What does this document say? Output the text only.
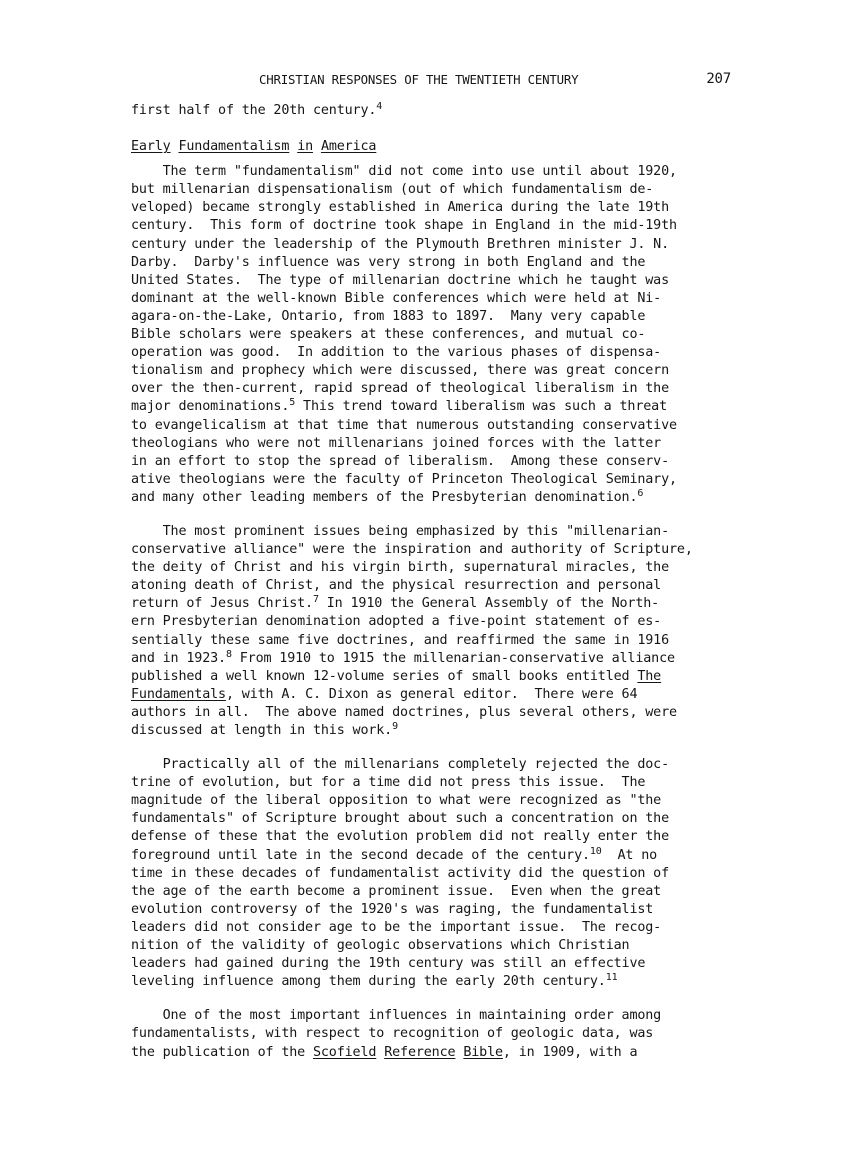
CHRISTIAN RESPONSES OF THE TWENTIETH CENTURY	207
first half of the 20th century.$^4$
Early Fundamentalism in America
The term "fundamentalism" did not come into use until about 1920,
but millenarian dispensationalism (out of which fundamentalism de-
veloped) became strongly established in America during the late 19th
century.  This form of doctrine took shape in England in the mid-19th
century under the leadership of the Plymouth Brethren minister J. N.
Darby.  Darby's influence was very strong in both England and the
United States.  The type of millenarian doctrine which he taught was
dominant at the well-known Bible conferences which were held at Ni-
agara-on-the-Lake, Ontario, from 1883 to 1897.  Many very capable
Bible scholars were speakers at these conferences, and mutual co-
operation was good.  In addition to the various phases of dispensa-
tionalism and prophecy which were discussed, there was great concern
over the then-current, rapid spread of theological liberalism in the
major denominations.$^5$ This trend toward liberalism was such a threat
to evangelicalism at that time that numerous outstanding conservative
theologians who were not millenarians joined forces with the latter
in an effort to stop the spread of liberalism.  Among these conserv-
ative theologians were the faculty of Princeton Theological Seminary,
and many other leading members of the Presbyterian denomination.$^6$
The most prominent issues being emphasized by this "millenarian-
conservative alliance" were the inspiration and authority of Scripture,
the deity of Christ and his virgin birth, supernatural miracles, the
atoning death of Christ, and the physical resurrection and personal
return of Jesus Christ.$^7$ In 1910 the General Assembly of the North-
ern Presbyterian denomination adopted a five-point statement of es-
sentially these same five doctrines, and reaffirmed the same in 1916
and in 1923.$^8$ From 1910 to 1915 the millenarian-conservative alliance
published a well known 12-volume series of small books entitled The
Fundamentals, with A. C. Dixon as general editor.  There were 64
authors in all.  The above named doctrines, plus several others, were
discussed at length in this work.$^9$
Practically all of the millenarians completely rejected the doc-
trine of evolution, but for a time did not press this issue.  The
magnitude of the liberal opposition to what were recognized as "the
fundamentals" of Scripture brought about such a concentration on the
defense of these that the evolution problem did not really enter the
foreground until late in the second decade of the century.$^{10}$  At no
time in these decades of fundamentalist activity did the question of
the age of the earth become a prominent issue.  Even when the great
evolution controversy of the 1920's was raging, the fundamentalist
leaders did not consider age to be the important issue.  The recog-
nition of the validity of geologic observations which Christian
leaders had gained during the 19th century was still an effective
leveling influence among them during the early 20th century.$^{11}$
One of the most important influences in maintaining order among
fundamentalists, with respect to recognition of geologic data, was
the publication of the Scofield Reference Bible, in 1909, with a
